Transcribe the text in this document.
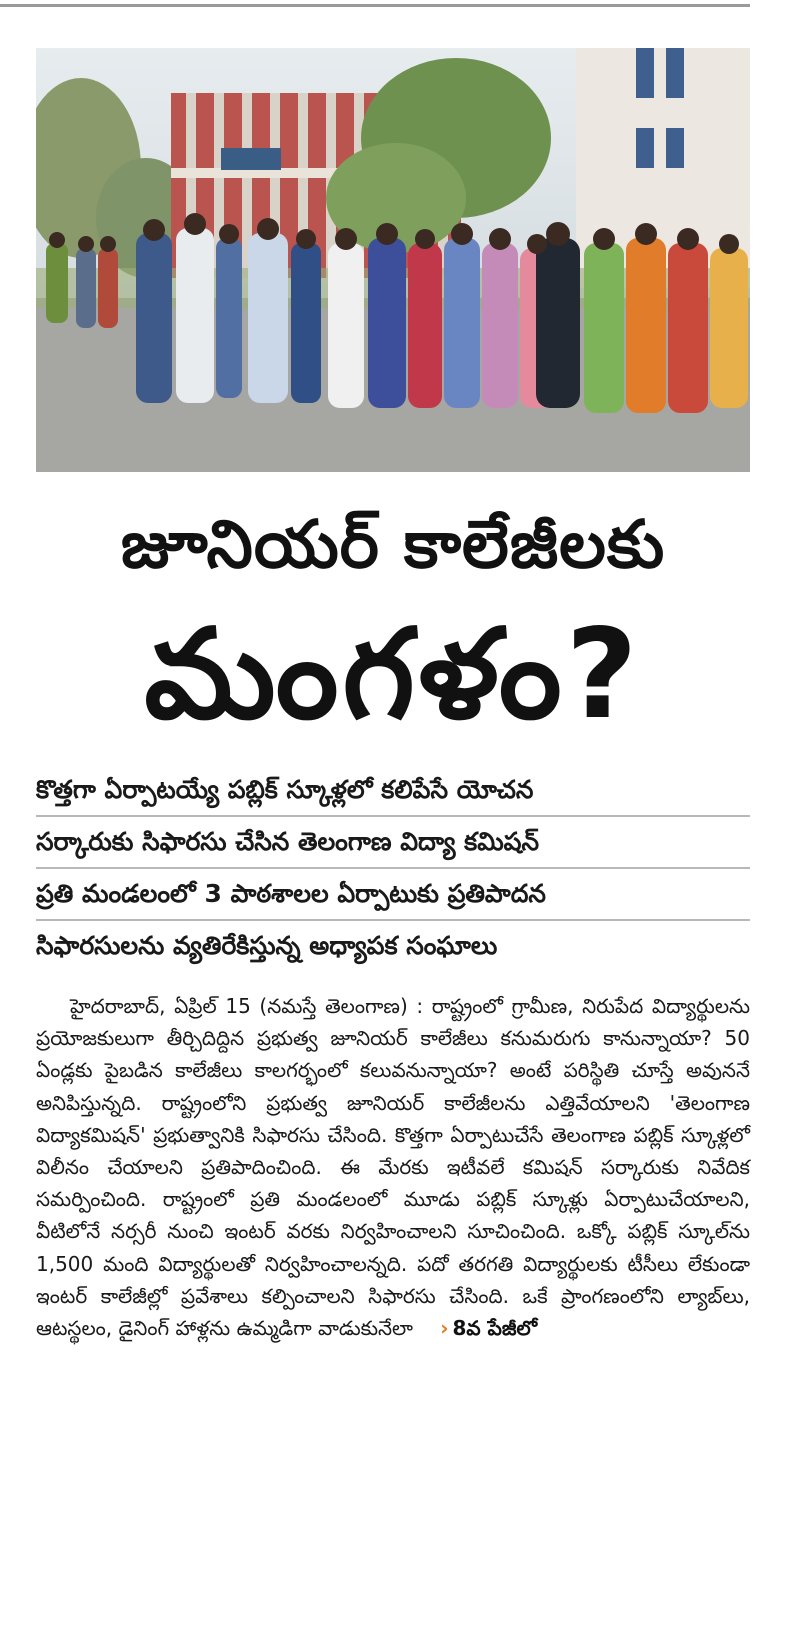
జూనియర్ కాలేజీలకు
మంగళం?
కొత్తగా ఏర్పాటయ్యే పబ్లిక్ స్కూళ్లలో కలిపేసే యోచన
సర్కారుకు సిఫారసు చేసిన తెలంగాణ విద్యా కమిషన్
ప్రతి మండలంలో 3 పాఠశాలల ఏర్పాటుకు ప్రతిపాదన
సిఫారసులను వ్యతిరేకిస్తున్న అధ్యాపక సంఘాలు

హైదరాబాద్, ఏప్రిల్ 15 (నమస్తే తెలంగాణ) : రాష్ట్రంలో గ్రామీణ, నిరుపేద విద్యార్థులను ప్రయోజకులుగా తీర్చిదిద్దిన ప్రభుత్వ జూనియర్ కాలేజీలు కనుమరుగు కానున్నాయా? 50 ఏండ్లకు పైబడిన కాలేజీలు కాలగర్భంలో కలువనున్నాయా? అంటే పరిస్థితి చూస్తే అవుననే అనిపిస్తున్నది. రాష్ట్రంలోని ప్రభుత్వ జూనియర్ కాలేజీలను ఎత్తివేయాలని 'తెలంగాణ విద్యాకమిషన్' ప్రభుత్వానికి సిఫారసు చేసింది. కొత్తగా ఏర్పాటుచేసే తెలంగాణ పబ్లిక్ స్కూళ్లలో విలీనం చేయాలని ప్రతిపాదించింది. ఈ మేరకు ఇటీవలే కమిషన్ సర్కారుకు నివేదిక సమర్పించింది. రాష్ట్రంలో ప్రతి మండలంలో మూడు పబ్లిక్ స్కూళ్లు ఏర్పాటుచేయాలని, వీటిలోనే నర్సరీ నుంచి ఇంటర్ వరకు నిర్వహించాలని సూచించింది. ఒక్కో పబ్లిక్ స్కూల్‌ను 1,500 మంది విద్యార్థులతో నిర్వహించాలన్నది. పదో తరగతి విద్యార్థులకు టీసీలు లేకుండా ఇంటర్ కాలేజీల్లో ప్రవేశాలు కల్పించాలని సిఫారసు చేసింది. ఒకే ప్రాంగణంలోని ల్యాబ్‌లు, ఆటస్థలం, డైనింగ్ హాళ్లను ఉమ్మడిగా వాడుకునేలా › 8వ పేజీలో
